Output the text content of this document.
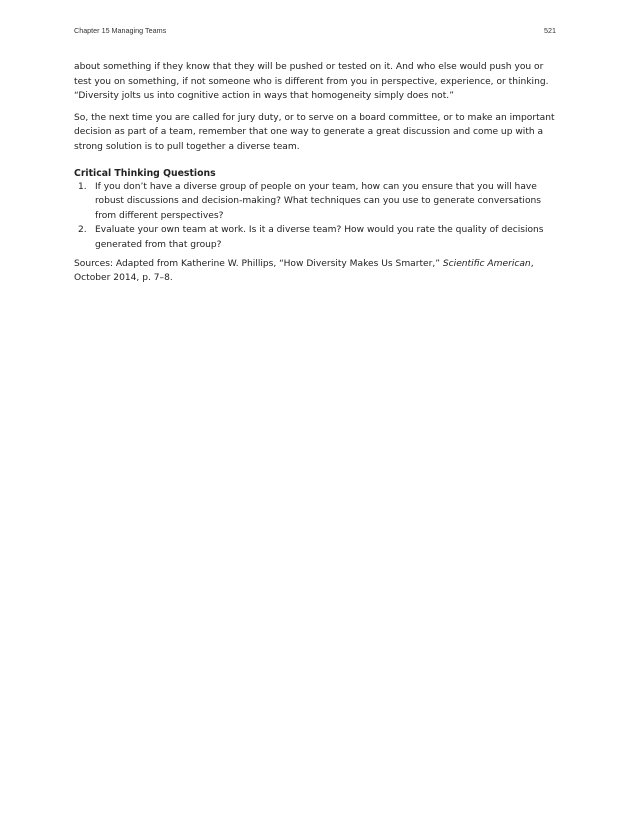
Chapter 15 Managing Teams	521

about something if they know that they will be pushed or tested on it. And who else would push you or test you on something, if not someone who is different from you in perspective, experience, or thinking. “Diversity jolts us into cognitive action in ways that homogeneity simply does not.”

So, the next time you are called for jury duty, or to serve on a board committee, or to make an important decision as part of a team, remember that one way to generate a great discussion and come up with a strong solution is to pull together a diverse team.

Critical Thinking Questions
1. If you don’t have a diverse group of people on your team, how can you ensure that you will have robust discussions and decision-making? What techniques can you use to generate conversations from different perspectives?
2. Evaluate your own team at work. Is it a diverse team? How would you rate the quality of decisions generated from that group?

Sources: Adapted from Katherine W. Phillips, “How Diversity Makes Us Smarter,” Scientific American, October 2014, p. 7–8.
